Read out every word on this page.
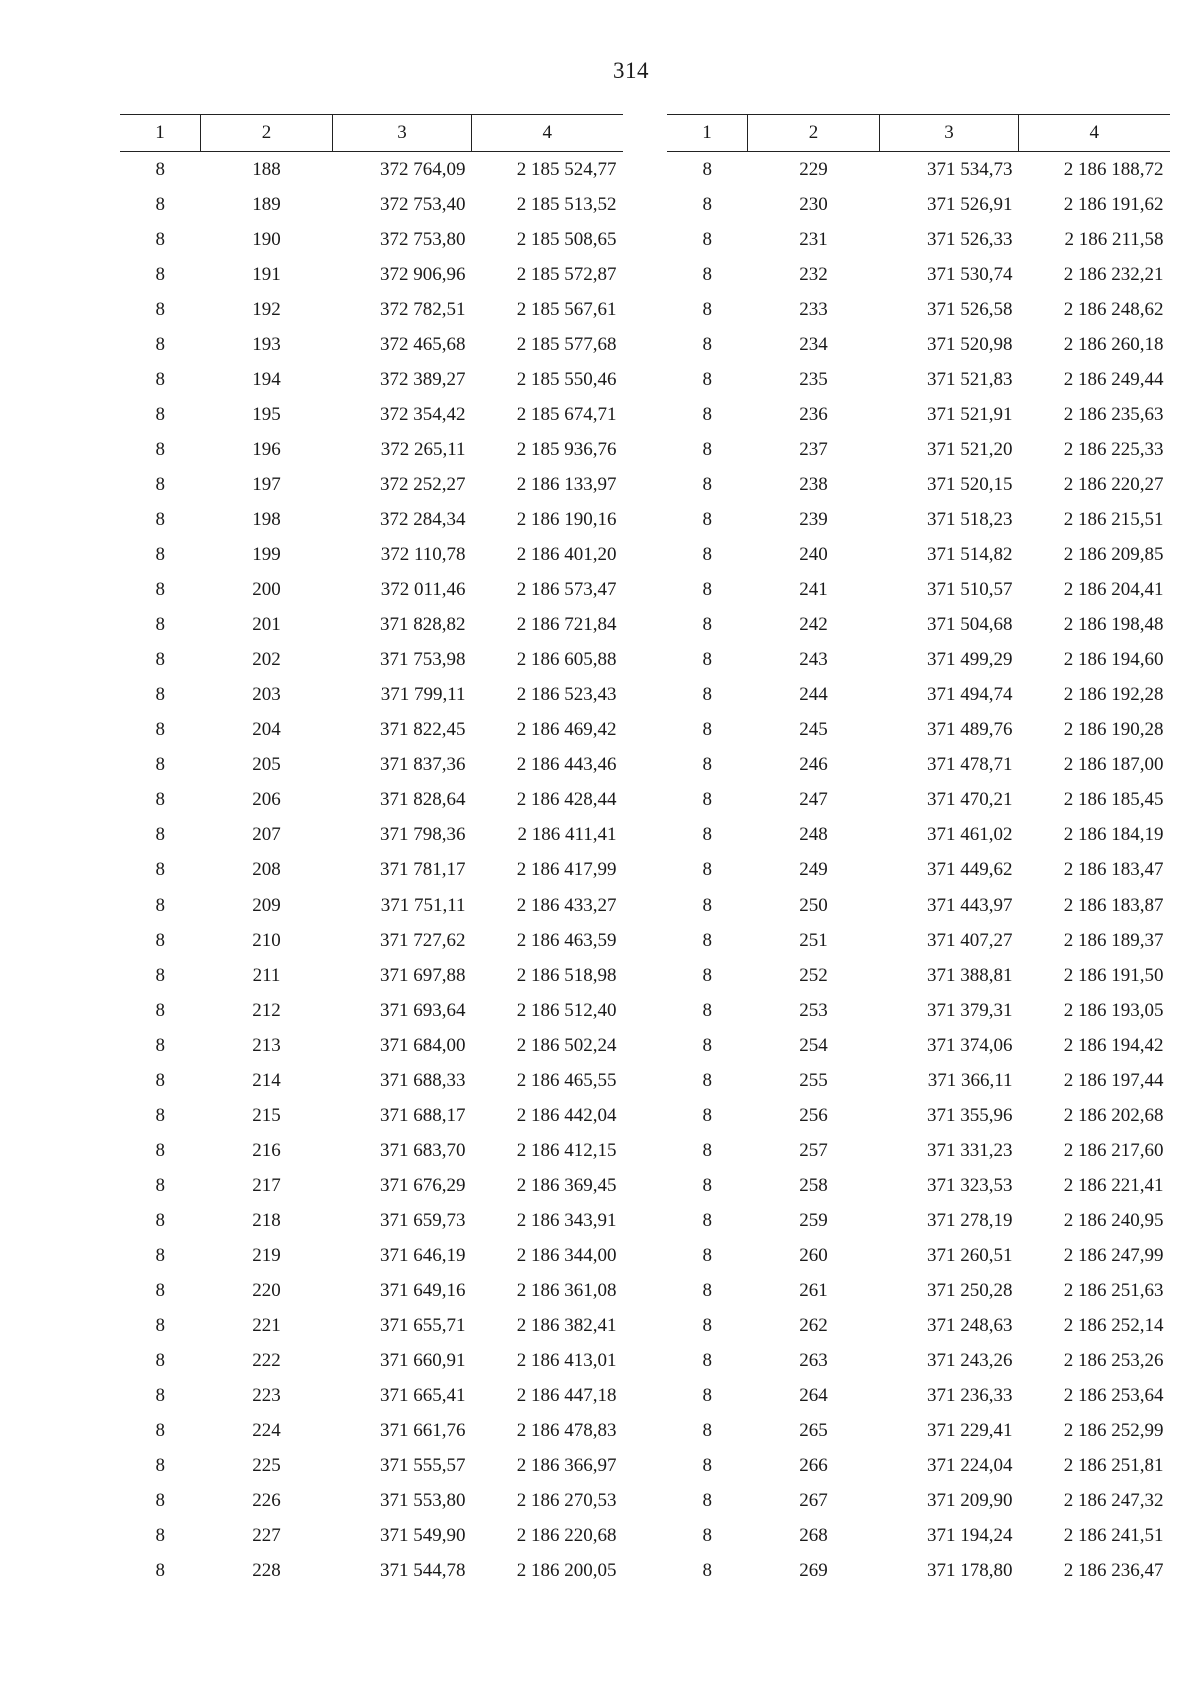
314
1	2	3	4
8	188	372 764,09	2 185 524,77
8	189	372 753,40	2 185 513,52
8	190	372 753,80	2 185 508,65
8	191	372 906,96	2 185 572,87
8	192	372 782,51	2 185 567,61
8	193	372 465,68	2 185 577,68
8	194	372 389,27	2 185 550,46
8	195	372 354,42	2 185 674,71
8	196	372 265,11	2 185 936,76
8	197	372 252,27	2 186 133,97
8	198	372 284,34	2 186 190,16
8	199	372 110,78	2 186 401,20
8	200	372 011,46	2 186 573,47
8	201	371 828,82	2 186 721,84
8	202	371 753,98	2 186 605,88
8	203	371 799,11	2 186 523,43
8	204	371 822,45	2 186 469,42
8	205	371 837,36	2 186 443,46
8	206	371 828,64	2 186 428,44
8	207	371 798,36	2 186 411,41
8	208	371 781,17	2 186 417,99
8	209	371 751,11	2 186 433,27
8	210	371 727,62	2 186 463,59
8	211	371 697,88	2 186 518,98
8	212	371 693,64	2 186 512,40
8	213	371 684,00	2 186 502,24
8	214	371 688,33	2 186 465,55
8	215	371 688,17	2 186 442,04
8	216	371 683,70	2 186 412,15
8	217	371 676,29	2 186 369,45
8	218	371 659,73	2 186 343,91
8	219	371 646,19	2 186 344,00
8	220	371 649,16	2 186 361,08
8	221	371 655,71	2 186 382,41
8	222	371 660,91	2 186 413,01
8	223	371 665,41	2 186 447,18
8	224	371 661,76	2 186 478,83
8	225	371 555,57	2 186 366,97
8	226	371 553,80	2 186 270,53
8	227	371 549,90	2 186 220,68
8	228	371 544,78	2 186 200,05
1	2	3	4
8	229	371 534,73	2 186 188,72
8	230	371 526,91	2 186 191,62
8	231	371 526,33	2 186 211,58
8	232	371 530,74	2 186 232,21
8	233	371 526,58	2 186 248,62
8	234	371 520,98	2 186 260,18
8	235	371 521,83	2 186 249,44
8	236	371 521,91	2 186 235,63
8	237	371 521,20	2 186 225,33
8	238	371 520,15	2 186 220,27
8	239	371 518,23	2 186 215,51
8	240	371 514,82	2 186 209,85
8	241	371 510,57	2 186 204,41
8	242	371 504,68	2 186 198,48
8	243	371 499,29	2 186 194,60
8	244	371 494,74	2 186 192,28
8	245	371 489,76	2 186 190,28
8	246	371 478,71	2 186 187,00
8	247	371 470,21	2 186 185,45
8	248	371 461,02	2 186 184,19
8	249	371 449,62	2 186 183,47
8	250	371 443,97	2 186 183,87
8	251	371 407,27	2 186 189,37
8	252	371 388,81	2 186 191,50
8	253	371 379,31	2 186 193,05
8	254	371 374,06	2 186 194,42
8	255	371 366,11	2 186 197,44
8	256	371 355,96	2 186 202,68
8	257	371 331,23	2 186 217,60
8	258	371 323,53	2 186 221,41
8	259	371 278,19	2 186 240,95
8	260	371 260,51	2 186 247,99
8	261	371 250,28	2 186 251,63
8	262	371 248,63	2 186 252,14
8	263	371 243,26	2 186 253,26
8	264	371 236,33	2 186 253,64
8	265	371 229,41	2 186 252,99
8	266	371 224,04	2 186 251,81
8	267	371 209,90	2 186 247,32
8	268	371 194,24	2 186 241,51
8	269	371 178,80	2 186 236,47
